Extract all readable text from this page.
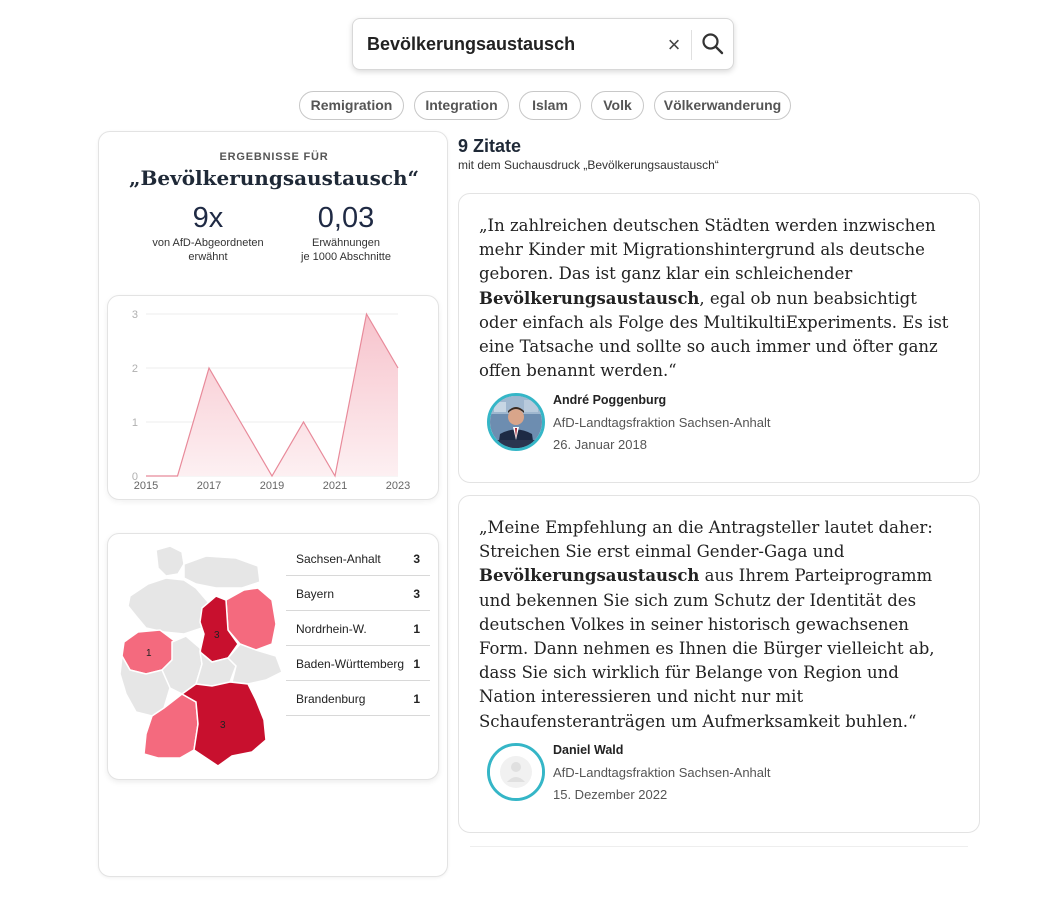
Bevölkerungsaustausch
×
Remigration	Integration	Islam	Volk	Völkerwanderung
ERGEBNISSE FÜR
„Bevölkerungsaustausch“
9x
von AfD-Abgeordneten
erwähnt
0,03
Erwähnungen
je 1000 Abschnitte
0
1
2
3
2015	2017	2019	2021	2023
3
1
3
Sachsen-Anhalt	3
Bayern	3
Nordrhein-W.	1
Baden-Württemberg 1
Brandenburg	1
9 Zitate
mit dem Suchausdruck „Bevölkerungsaustausch“
„In zahlreichen deutschen Städten werden inzwischen mehr Kinder mit Migrationshintergrund als deutsche geboren. Das ist ganz klar ein schleichender Bevölkerungsaustausch, egal ob nun beabsichtigt oder einfach als Folge des MultikultiExperiments. Es ist eine Tatsache und sollte so auch immer und öfter ganz offen benannt werden.“
André Poggenburg
AfD-Landtagsfraktion Sachsen-Anhalt
26. Januar 2018
„Meine Empfehlung an die Antragsteller lautet daher: Streichen Sie erst einmal Gender-Gaga und Bevölkerungsaustausch aus Ihrem Parteiprogramm und bekennen Sie sich zum Schutz der Identität des deutschen Volkes in seiner historisch gewachsenen Form. Dann nehmen es Ihnen die Bürger vielleicht ab, dass Sie sich wirklich für Belange von Region und Nation interessieren und nicht nur mit Schaufensteranträgen um Aufmerksamkeit buhlen.“
Daniel Wald
AfD-Landtagsfraktion Sachsen-Anhalt
15. Dezember 2022
